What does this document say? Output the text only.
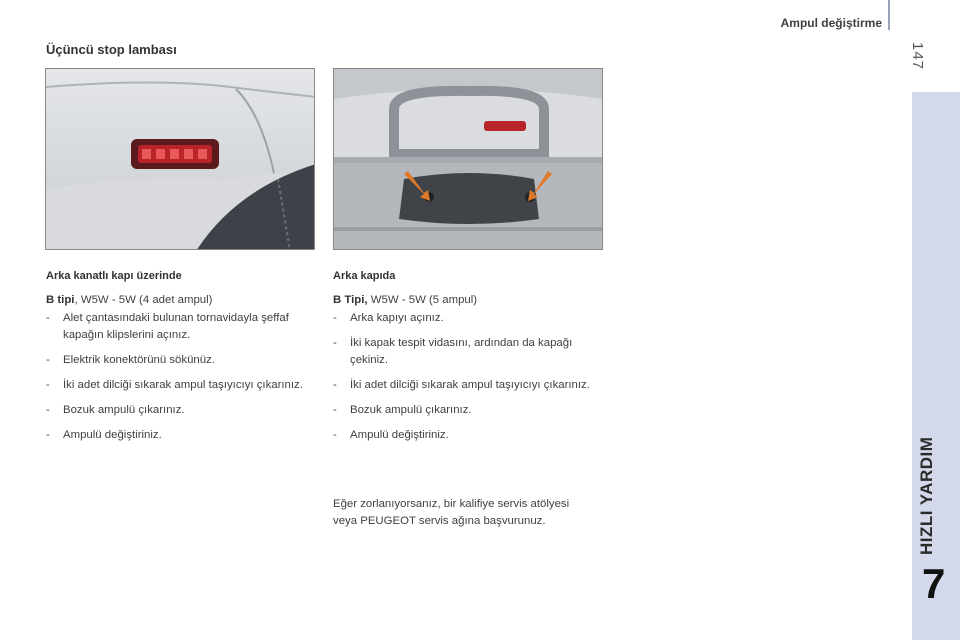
Ampul değiştirme
147
HIZLI YARDIM
7
Üçüncü stop lambası
Arka kanatlı kapı üzerinde
B tipi, W5W - 5W (4 adet ampul)
- Alet çantasındaki bulunan tornavidayla şeffaf kapağın klipslerini açınız.
- Elektrik konektörünü sökünüz.
- İki adet dilciği sıkarak ampul taşıyıcıyı çıkarınız.
- Bozuk ampulü çıkarınız.
- Ampulü değiştiriniz.
Arka kapıda
B Tipi, W5W - 5W (5 ampul)
- Arka kapıyı açınız.
- İki kapak tespit vidasını, ardından da kapağı çekiniz.
- İki adet dilciği sıkarak ampul taşıyıcıyı çıkarınız.
- Bozuk ampulü çıkarınız.
- Ampulü değiştiriniz.
Eğer zorlanıyorsanız, bir kalifiye servis atölyesi veya PEUGEOT servis ağına başvurunuz.
